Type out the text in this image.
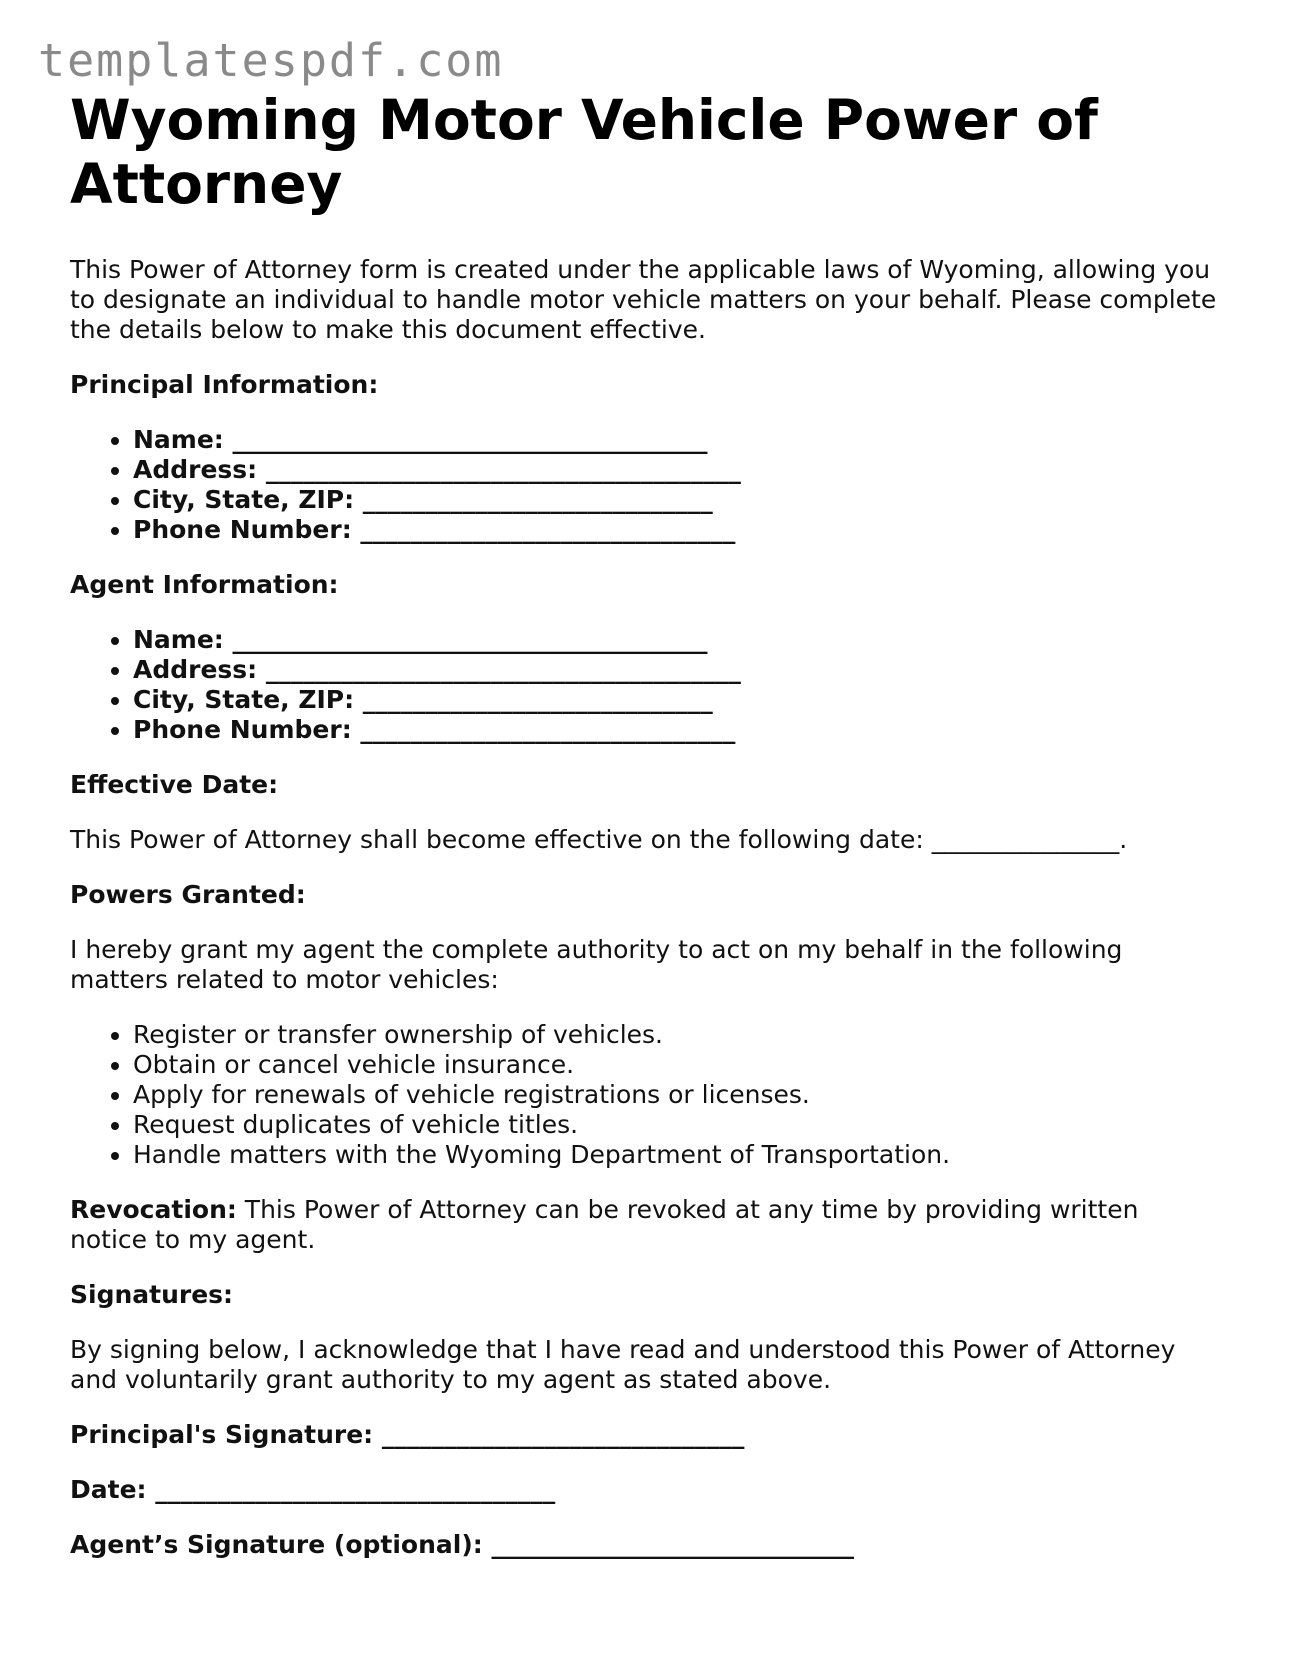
templatespdf.com
Wyoming Motor Vehicle Power of Attorney

This Power of Attorney form is created under the applicable laws of Wyoming, allowing you to designate an individual to handle motor vehicle matters on your behalf. Please complete the details below to make this document effective.

Principal Information:

• Name: ______________________________________
• Address: ______________________________________
• City, State, ZIP: ____________________________
• Phone Number: ______________________________

Agent Information:

• Name: ______________________________________
• Address: ______________________________________
• City, State, ZIP: ____________________________
• Phone Number: ______________________________

Effective Date:

This Power of Attorney shall become effective on the following date: _______________.

Powers Granted:

I hereby grant my agent the complete authority to act on my behalf in the following matters related to motor vehicles:

• Register or transfer ownership of vehicles.
• Obtain or cancel vehicle insurance.
• Apply for renewals of vehicle registrations or licenses.
• Request duplicates of vehicle titles.
• Handle matters with the Wyoming Department of Transportation.

Revocation: This Power of Attorney can be revoked at any time by providing written notice to my agent.

Signatures:

By signing below, I acknowledge that I have read and understood this Power of Attorney and voluntarily grant authority to my agent as stated above.

Principal's Signature: _____________________________

Date: ________________________________

Agent’s Signature (optional): _____________________________
